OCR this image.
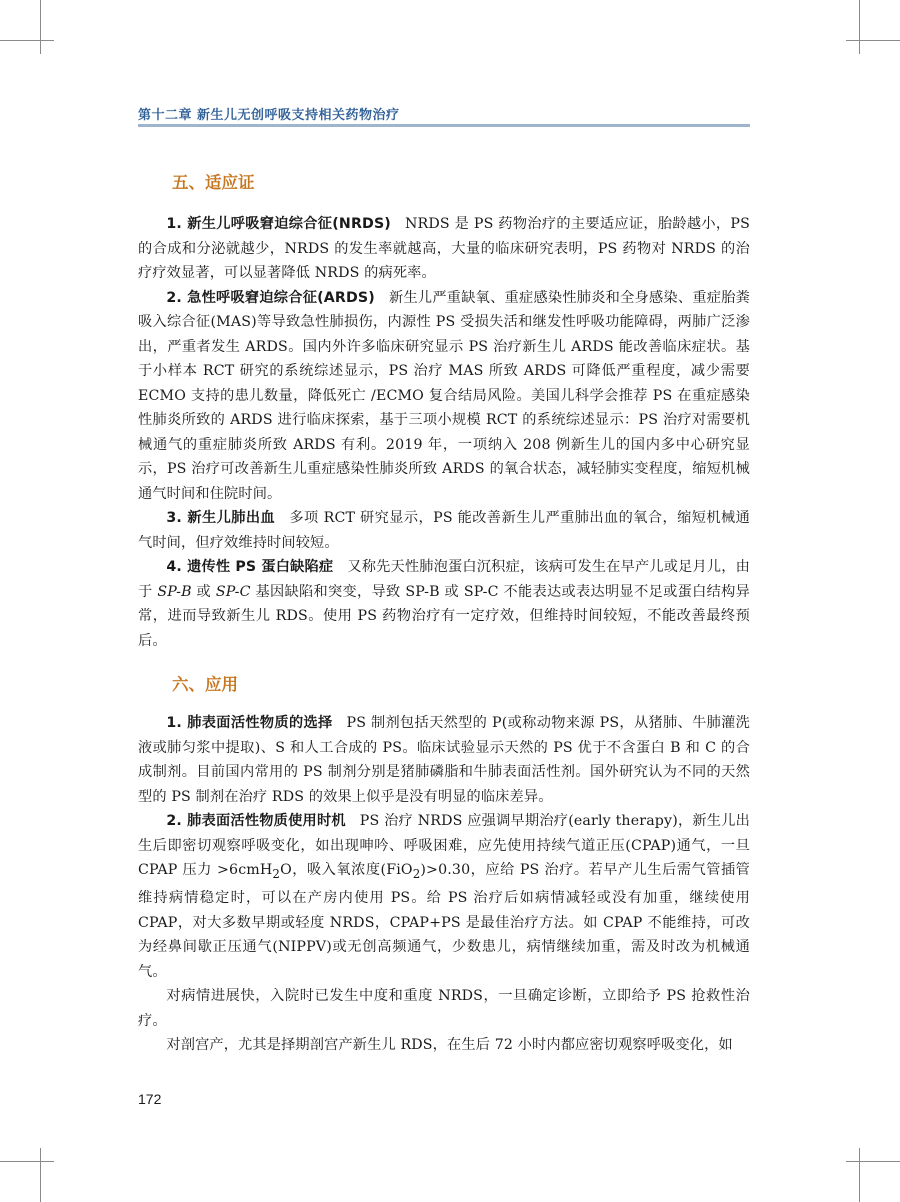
第十二章 新生儿无创呼吸支持相关药物治疗
五、适应证

1. 新生儿呼吸窘迫综合征(NRDS) NRDS 是 PS 药物治疗的主要适应证，胎龄越小，PS 的合成和分泌就越少，NRDS 的发生率就越高，大量的临床研究表明，PS 药物对 NRDS 的治疗疗效显著，可以显著降低 NRDS 的病死率。

2. 急性呼吸窘迫综合征(ARDS) 新生儿严重缺氧、重症感染性肺炎和全身感染、重症胎粪吸入综合征(MAS)等导致急性肺损伤，内源性 PS 受损失活和继发性呼吸功能障碍，两肺广泛渗出，严重者发生 ARDS。国内外许多临床研究显示 PS 治疗新生儿 ARDS 能改善临床症状。基于小样本 RCT 研究的系统综述显示，PS 治疗 MAS 所致 ARDS 可降低严重程度，减少需要 ECMO 支持的患儿数量，降低死亡 /ECMO 复合结局风险。美国儿科学会推荐 PS 在重症感染性肺炎所致的 ARDS 进行临床探索，基于三项小规模 RCT 的系统综述显示：PS 治疗对需要机械通气的重症肺炎所致 ARDS 有利。2019 年，一项纳入 208 例新生儿的国内多中心研究显示，PS 治疗可改善新生儿重症感染性肺炎所致 ARDS 的氧合状态，减轻肺实变程度，缩短机械通气时间和住院时间。

3. 新生儿肺出血 多项 RCT 研究显示，PS 能改善新生儿严重肺出血的氧合，缩短机械通气时间，但疗效维持时间较短。

4. 遗传性 PS 蛋白缺陷症 又称先天性肺泡蛋白沉积症，该病可发生在早产儿或足月儿，由于 SP-B 或 SP-C 基因缺陷和突变，导致 SP-B 或 SP-C 不能表达或表达明显不足或蛋白结构异常，进而导致新生儿 RDS。使用 PS 药物治疗有一定疗效，但维持时间较短，不能改善最终预后。

六、应用

1. 肺表面活性物质的选择 PS 制剂包括天然型的 P(或称动物来源 PS，从猪肺、牛肺灌洗液或肺匀浆中提取)、S 和人工合成的 PS。临床试验显示天然的 PS 优于不含蛋白 B 和 C 的合成制剂。目前国内常用的 PS 制剂分别是猪肺磷脂和牛肺表面活性剂。国外研究认为不同的天然型的 PS 制剂在治疗 RDS 的效果上似乎是没有明显的临床差异。

2. 肺表面活性物质使用时机 PS 治疗 NRDS 应强调早期治疗(early therapy)，新生儿出生后即密切观察呼吸变化，如出现呻吟、呼吸困难，应先使用持续气道正压(CPAP)通气，一旦 CPAP 压力 >6cmH$_2$O，吸入氧浓度(FiO$_2$)>0.30，应给 PS 治疗。若早产儿生后需气管插管维持病情稳定时，可以在产房内使用 PS。给 PS 治疗后如病情减轻或没有加重，继续使用 CPAP，对大多数早期或轻度 NRDS，CPAP+PS 是最佳治疗方法。如 CPAP 不能维持，可改为经鼻间歇正压通气(NIPPV)或无创高频通气，少数患儿，病情继续加重，需及时改为机械通气。

对病情进展快，入院时已发生中度和重度 NRDS，一旦确定诊断，立即给予 PS 抢救性治疗。

对剖宫产，尤其是择期剖宫产新生儿 RDS，在生后 72 小时内都应密切观察呼吸变化，如

172
